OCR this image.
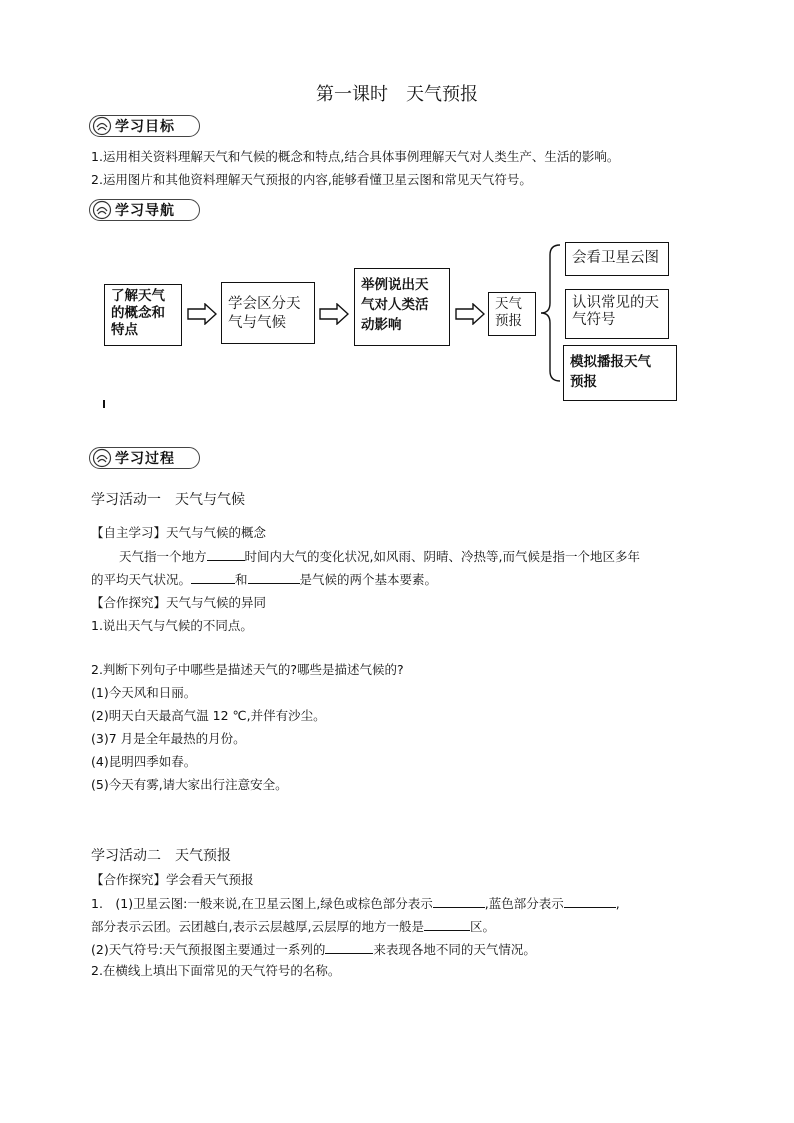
第一课时　天气预报
学习目标
1.运用相关资料理解天气和气候的概念和特点,结合具体事例理解天气对人类生产、生活的影响。
2.运用图片和其他资料理解天气预报的内容,能够看懂卫星云图和常见天气符号。
学习导航
了解天气
的概念和
特点
学会区分天
气与气候
举例说出天
气对人类活
动影响
天气
预报
会看卫星云图
认识常见的天
气符号
模拟播报天气
预报
学习过程
学习活动一　天气与气候
【自主学习】天气与气候的概念
天气指一个地方	时间内大气的变化状况,如风雨、阴晴、冷热等,而气候是指一个地区多年
的平均天气状况。	和	是气候的两个基本要素。
【合作探究】天气与气候的异同
1.说出天气与气候的不同点。
2.判断下列句子中哪些是描述天气的?哪些是描述气候的?
(1)今天风和日丽。
(2)明天白天最高气温 12 ℃,并伴有沙尘。
(3)7 月是全年最热的月份。
(4)昆明四季如春。
(5)今天有雾,请大家出行注意安全。
学习活动二　天气预报
【合作探究】学会看天气预报
1.　(1)卫星云图:一般来说,在卫星云图上,绿色或棕色部分表示	,蓝色部分表示	,
部分表示云团。云团越白,表示云层越厚,云层厚的地方一般是	区。
(2)天气符号:天气预报图主要通过一系列的	来表现各地不同的天气情况。
2.在横线上填出下面常见的天气符号的名称。
